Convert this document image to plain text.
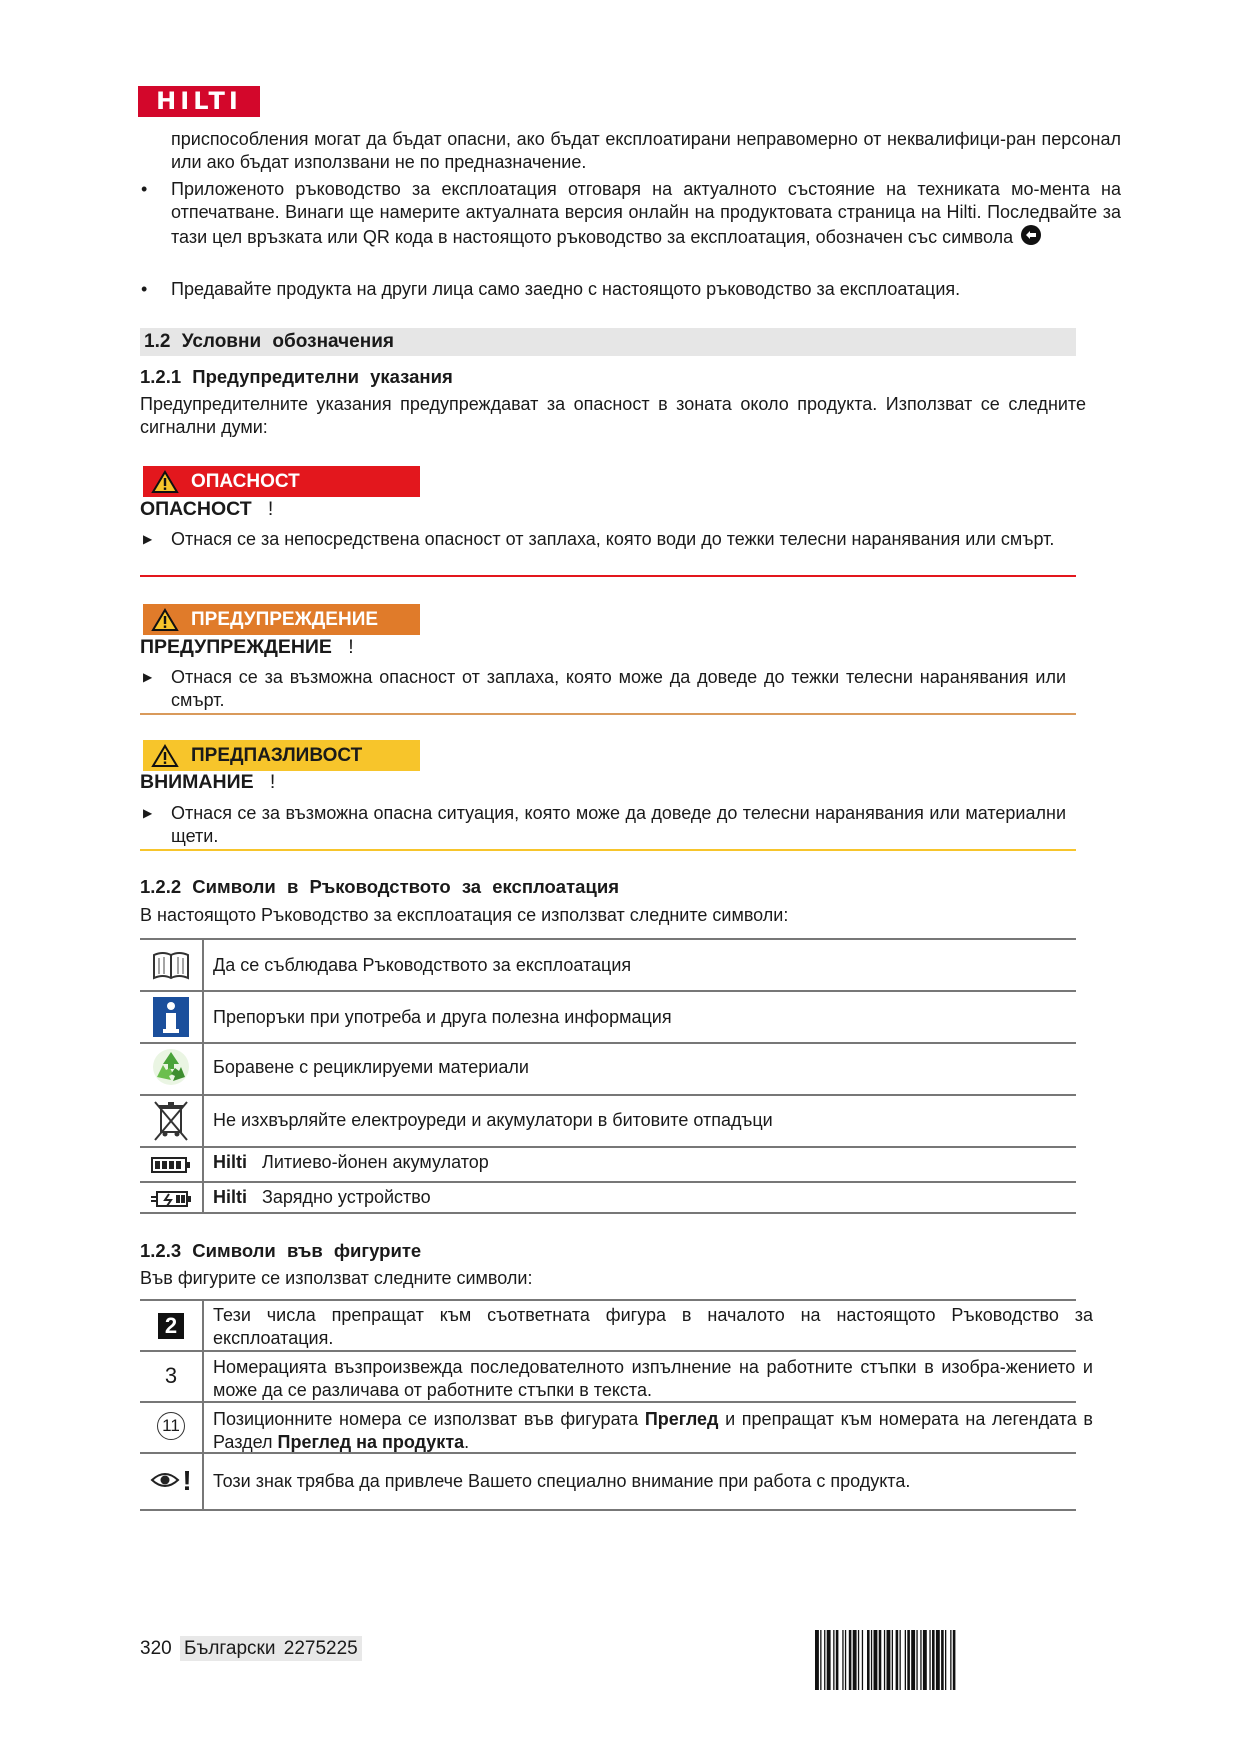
HILTI
приспособления могат да бъдат опасни, ако бъдат експлоатирани неправомерно от неквалифици-ран персонал или ако бъдат използвани не по предназначение.
• Приложеното ръководство за експлоатация отговаря на актуалното състояние на техниката мо-мента на отпечатване. Винаги ще намерите актуалната версия онлайн на продуктовата страница на Hilti. Последвайте за тази цел връзката или QR кода в настоящото ръководство за експлоатация, обозначен със символа
• Предавайте продукта на други лица само заедно с настоящото ръководство за експлоатация.
1.2 Условни обозначения
1.2.1 Предупредителни указания
Предупредителните указания предупреждават за опасност в зоната около продукта. Използват се следните сигнални думи:
ОПАСНОСТ
ОПАСНОСТ !
▶ Отнася се за непосредствена опасност от заплаха, която води до тежки телесни наранявания или смърт.
ПРЕДУПРЕЖДЕНИЕ
ПРЕДУПРЕЖДЕНИЕ !
▶ Отнася се за възможна опасност от заплаха, която може да доведе до тежки телесни наранявания или смърт.
ПРЕДПАЗЛИВОСТ
ВНИМАНИЕ !
▶ Отнася се за възможна опасна ситуация, която може да доведе до телесни наранявания или материални щети.
1.2.2 Символи в Ръководството за експлоатация
В настоящото Ръководство за експлоатация се използват следните символи:
Да се съблюдава Ръководството за експлоатация
Препоръки при употреба и друга полезна информация
Боравене с рециклируеми материали
Не изхвърляйте електроуреди и акумулатори в битовите отпадъци
Hilti Литиево-йонен акумулатор
Hilti Зарядно устройство
1.2.3 Символи във фигурите
Във фигурите се използват следните символи:
2	Тези числа препращат към съответната фигура в началото на настоящото Ръководство за експлоатация.
3 Номерацията възпроизвежда последователното изпълнение на работните стъпки в изобра-жението и може да се различава от работните стъпки в текста.
11 Позиционните номера се използват във фигурата Преглед и препращат към номерата на легендата в Раздел Преглед на продукта.
! Този знак трябва да привлече Вашето специално внимание при работа с продукта.
320 Български 2275225
